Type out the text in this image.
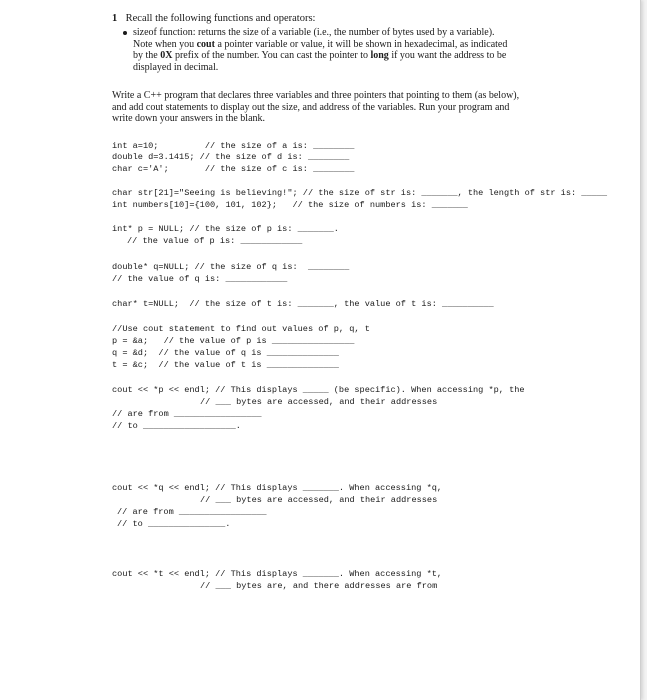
1 Recall the following functions and operators:
sizeof function: returns the size of a variable (i.e., the number of bytes used by a variable).
Note when you cout a pointer variable or value, it will be shown in hexadecimal, as indicated
by the 0X prefix of the number. You can cast the pointer to long if you want the address to be
displayed in decimal.
Write a C++ program that declares three variables and three pointers that pointing to them (as below),
and add cout statements to display out the size, and address of the variables. Run your program and
write down your answers in the blank.
int a=10;         // the size of a is: ________
double d=3.1415; // the size of d is: ________
char c='A';       // the size of c is: ________
char str[21]="Seeing is believing!"; // the size of str is: _______, the length of str is: _____
int numbers[10]={100, 101, 102};   // the size of numbers is: _______
int* p = NULL; // the size of p is: _______.
// the value of p is: ____________
double* q=NULL; // the size of q is:  ________
// the value of q is: ____________
char* t=NULL;  // the size of t is: _______, the value of t is: __________
//Use cout statement to find out values of p, q, t
p = &a;   // the value of p is ________________
q = &d;  // the value of q is ______________
t = &c;  // the value of t is ______________
cout << *p << endl; // This displays _____ (be specific). When accessing *p, the
// ___ bytes are accessed, and their addresses
// are from _________________
// to __________________.
cout << *q << endl; // This displays _______. When accessing *q,
// ___ bytes are accessed, and their addresses
// are from _________________
// to _______________.
cout << *t << endl; // This displays _______. When accessing *t,
// ___ bytes are, and there addresses are from
